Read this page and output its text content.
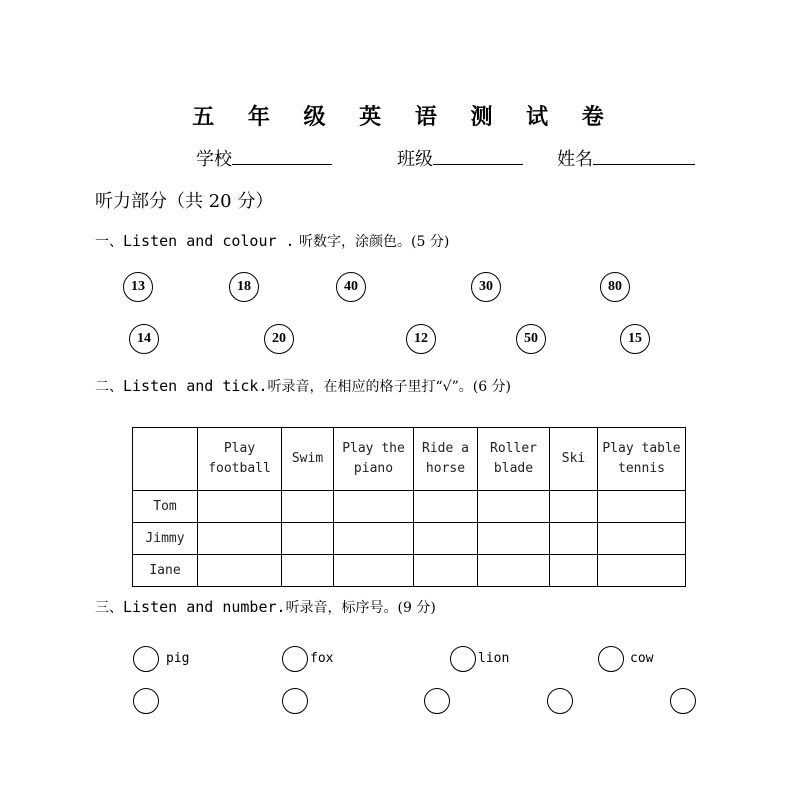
五 年 级 英 语 测 试 卷
学校	班级	姓名
听力部分（共 20 分）
一、Listen and colour . 听数字，涂颜色。(5 分)
13	18	40	30	80
14	20	12	50	15
二、Listen and tick.听录音，在相应的格子里打“√”。(6 分)
	Play football	Swim	Play the piano	Ride a horse	Roller blade	Ski	Play table tennis
Tom							
Jimmy							
Iane							
三、Listen and number.听录音，标序号。(9 分)
pig	fox	lion	cow
